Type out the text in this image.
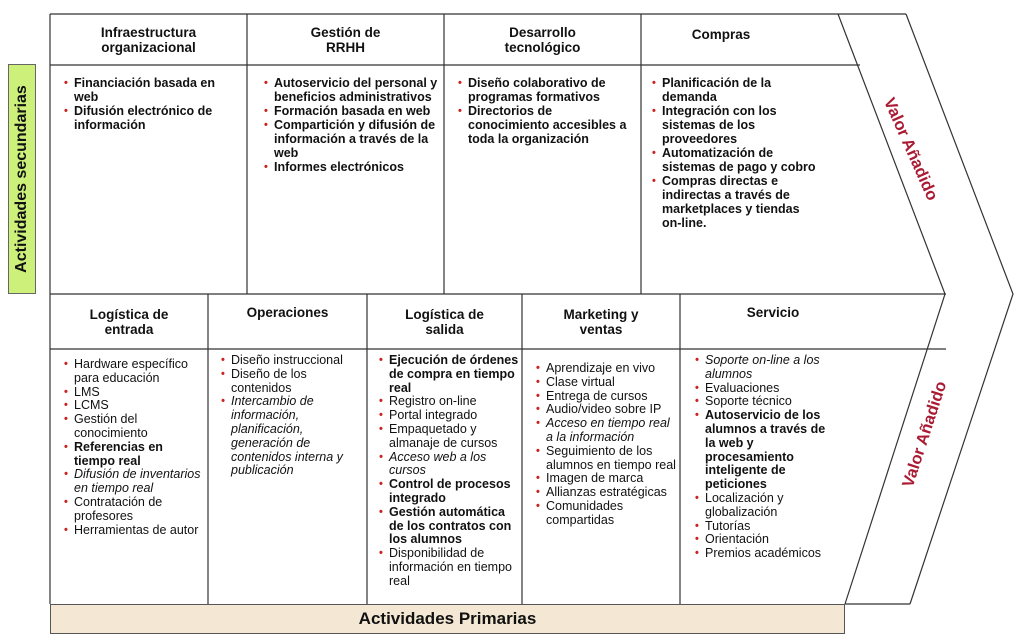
Actividades secundarias
Infraestructura
organizacional
Gestión de
RRHH
Desarrollo
tecnológico
Compras
• Financiación basada en web
• Difusión electrónico de información
• Autoservicio del personal y beneficios administrativos
• Formación basada en web
• Compartición y difusión de información a través de la web
• Informes electrónicos
• Diseño colaborativo de programas formativos
• Directorios de conocimiento accesibles a toda la organización
• Planificación de la demanda
• Integración con los sistemas de los proveedores
• Automatización de sistemas de pago y cobro
• Compras directas e indirectas a través de marketplaces y tiendas on-line.
Logística de
entrada
Operaciones	Logística de
salida
Marketing y
ventas
Servicio
• Hardware específico para educación
• LMS
• LCMS
• Gestión del conocimiento
• Referencias en tiempo real
• Difusión de inventarios en tiempo real
• Contratación de profesores
• Herramientas de autor
• Diseño instruccional
• Diseño de los contenidos
• Intercambio de información, planificación, generación de contenidos interna y publicación
• Ejecución de órdenes de compra en tiempo real
• Registro on-line
• Portal integrado
• Empaquetado y almanaje de cursos
• Acceso web a los cursos
• Control de procesos integrado
• Gestión automática de los contratos con los alumnos
• Disponibilidad de información en tiempo real
• Aprendizaje en vivo
• Clase virtual
• Entrega de cursos
• Audio/video sobre IP
• Acceso en tiempo real a la información
• Seguimiento de los alumnos en tiempo real
• Imagen de marca
• Allianzas estratégicas
• Comunidades compartidas
• Soporte on-line a los alumnos
• Evaluaciones
• Soporte técnico
• Autoservicio de los alumnos a través de la web y procesamiento inteligente de peticiones
• Localización y globalización
• Tutorías
• Orientación
• Premios académicos
Valor Añadido
Valor Añadido
Actividades Primarias
